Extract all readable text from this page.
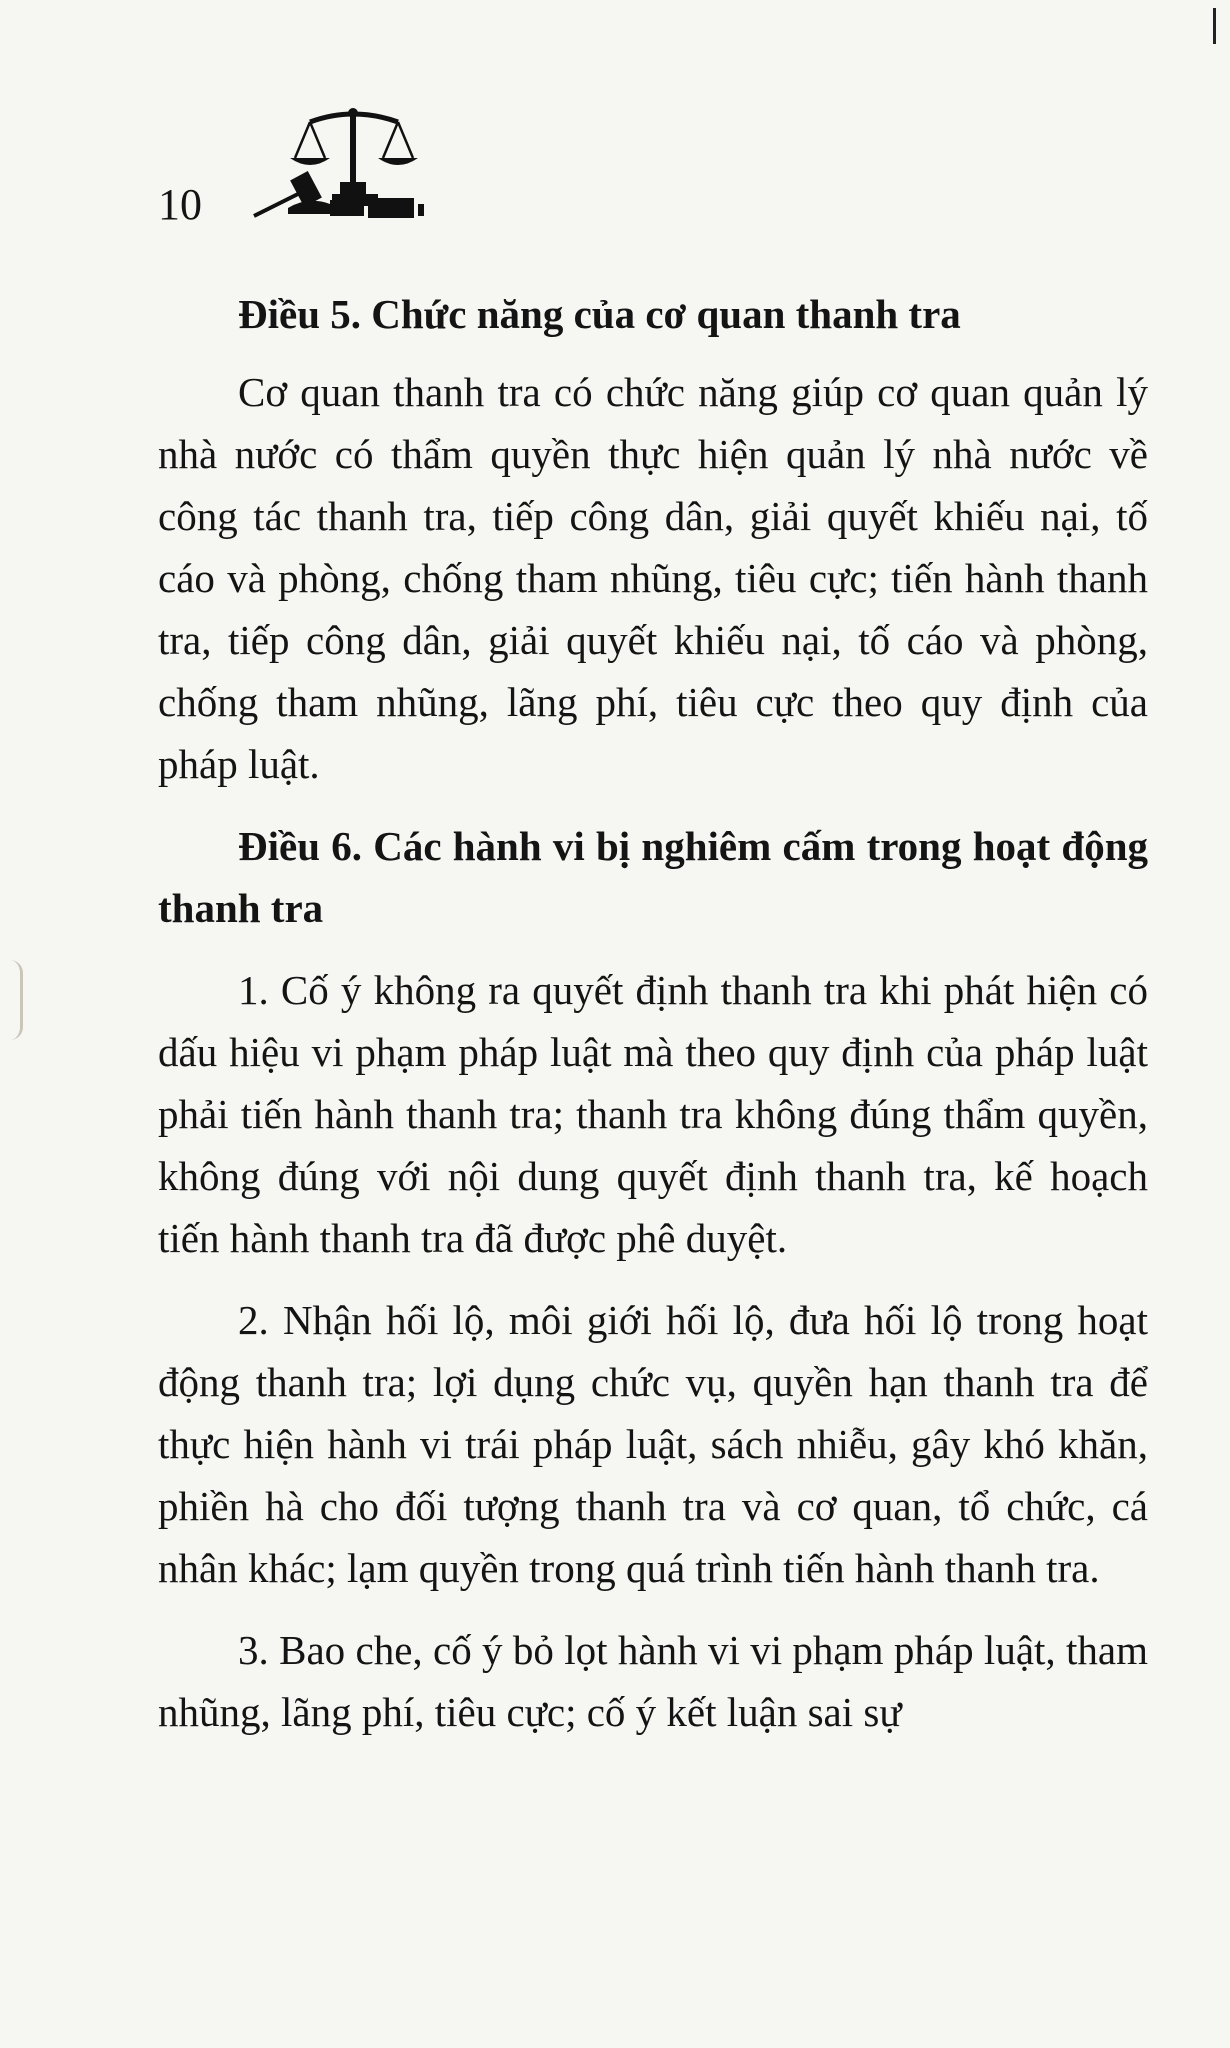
10

Điều 5. Chức năng của cơ quan thanh tra

Cơ quan thanh tra có chức năng giúp cơ quan quản lý nhà nước có thẩm quyền thực hiện quản lý nhà nước về công tác thanh tra, tiếp công dân, giải quyết khiếu nại, tố cáo và phòng, chống tham nhũng, tiêu cực; tiến hành thanh tra, tiếp công dân, giải quyết khiếu nại, tố cáo và phòng, chống tham nhũng, lãng phí, tiêu cực theo quy định của pháp luật.

Điều 6. Các hành vi bị nghiêm cấm trong hoạt động thanh tra

1. Cố ý không ra quyết định thanh tra khi phát hiện có dấu hiệu vi phạm pháp luật mà theo quy định của pháp luật phải tiến hành thanh tra; thanh tra không đúng thẩm quyền, không đúng với nội dung quyết định thanh tra, kế hoạch tiến hành thanh tra đã được phê duyệt.

2. Nhận hối lộ, môi giới hối lộ, đưa hối lộ trong hoạt động thanh tra; lợi dụng chức vụ, quyền hạn thanh tra để thực hiện hành vi trái pháp luật, sách nhiễu, gây khó khăn, phiền hà cho đối tượng thanh tra và cơ quan, tổ chức, cá nhân khác; lạm quyền trong quá trình tiến hành thanh tra.

3. Bao che, cố ý bỏ lọt hành vi vi phạm pháp luật, tham nhũng, lãng phí, tiêu cực; cố ý kết luận sai sự
